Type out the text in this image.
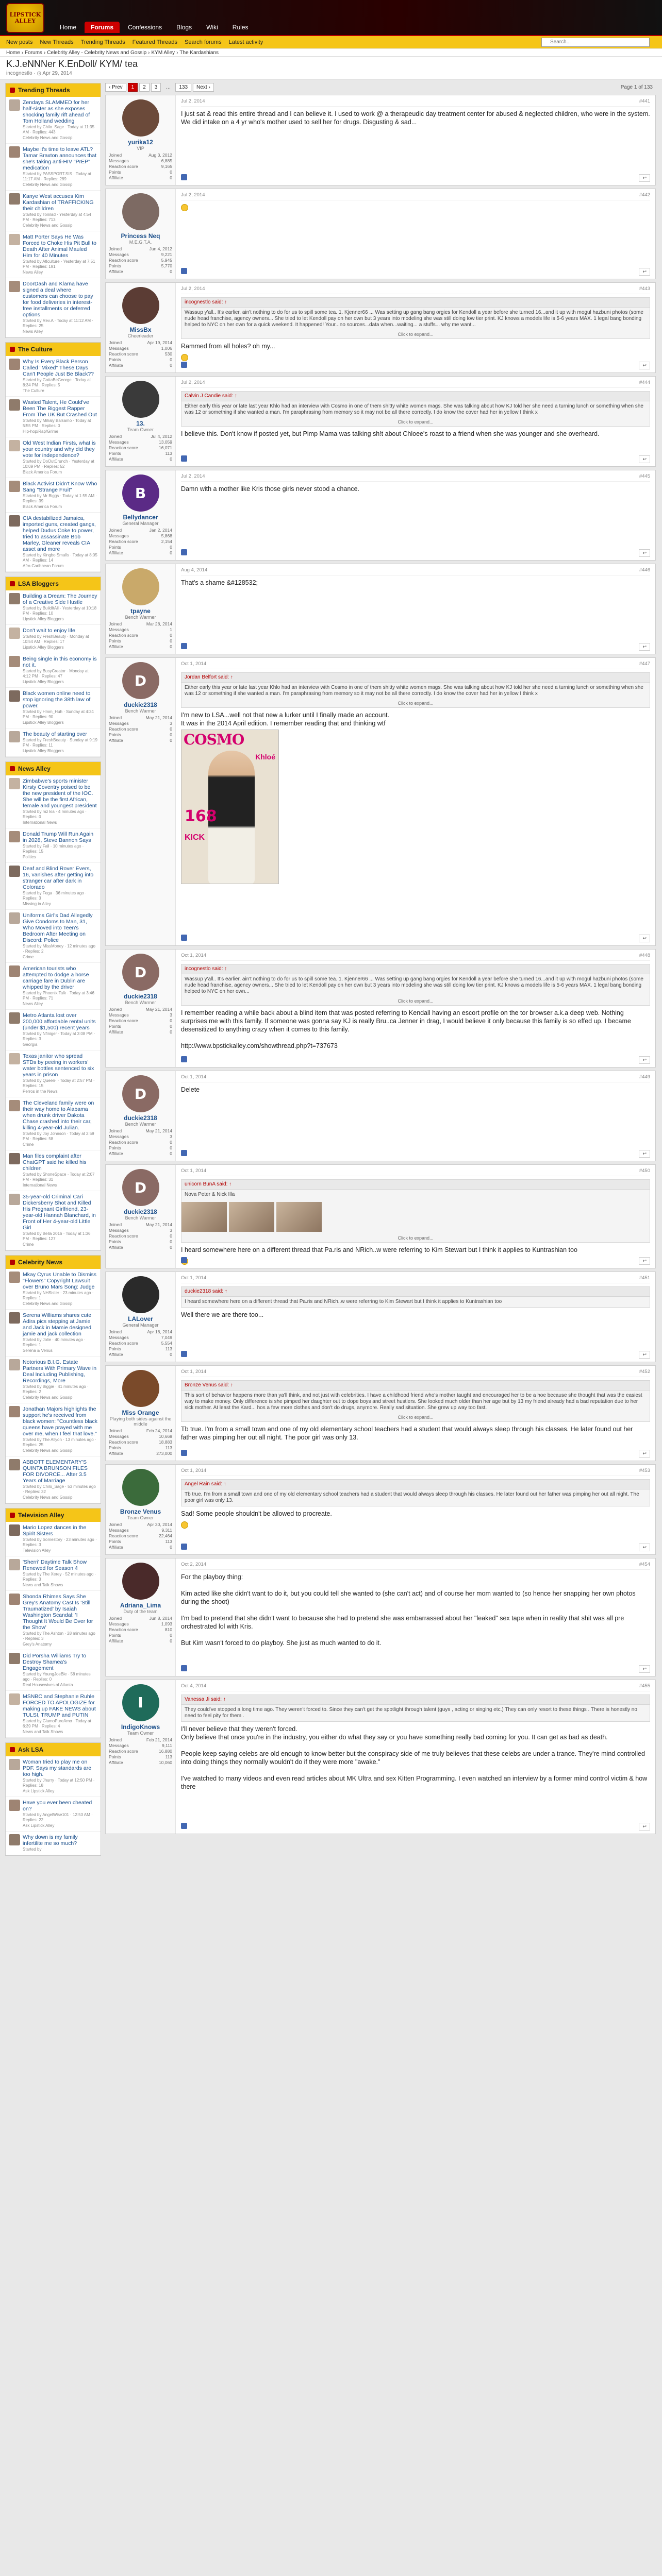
LIPSTICK ALLEY
Home	Forums	Confessions	Blogs	Wiki	Rules
New posts New Threads Trending Threads Featured Threads Search forums Latest activity
Search...
Home › Forums › Celebrity Alley - Celebrity News and Gossip › KYM Alley › The Kardashians
K.J.eNNNer K.EnDoll/ KYM/ tea
incognestlo · ◷ Apr 29, 2014
Trending Threads
Zendaya SLAMMED for her half-sister as she exposes shocking family rift ahead of Tom Holland wedding
Started by Chilo_Sage · Today at 11:35 AM · Replies: 443
Celebrity News and Gossip
Maybe it's time to leave ATL? Tamar Braxton announces that she's taking anti-HIV "PrEP" medication
Started by PASSPORT.SIS · Today at 11:17 AM · Replies: 289
Celebrity News and Gossip
Kanye West accuses Kim Kardashian of TRAFFICKING their children
Started by Tonilad · Yesterday at 4:54 PM · Replies: 713
Celebrity News and Gossip
Matt Porter Says He Was Forced to Choke His Pit Bull to Death After Animal Mauled Him for 40 Minutes
Started by Atlculture · Yesterday at 7:51 PM · Replies: 191
News Alley
DoorDash and Klarna have signed a deal where customers can choose to pay for food deliveries in interest-free installments or deferred options
Started by Rev.A · Today at 11:12 AM · Replies: 25
News Alley
The Culture
Why Is Every Black Person Called "Mixed" These Days Can't People Just Be Black??
Started by GottaBeGeorge · Today at 8:34 PM · Replies: 5
The Culture
Wasted Talent, He Could've Been The Biggest Rapper From The UK But Crashed Out
Started by Mihaly Balsamo · Today at 5:55 PM · Replies: 0
Hip-hop/Rap/Grime
Old West Indian Firsts, what is your country and why did they vote for independence?
Started by DoOutCrunch · Yesterday at 10:09 PM · Replies: 52
Black America Forum
Black Activist Didn't Know Who Sang "Strange Fruit"
Started by Mr Biggs · Today at 1:55 AM · Replies: 39
Black America Forum
CIA destabilized Jamaica, imported guns, created gangs, helped Dudus Coke to power, tried to assassinate Bob Marley, Gleaner reveals CIA asset and more
Started by Kingbo Smalls · Today at 8:05 AM · Replies: 14
Afro-Caribbean Forum
LSA Bloggers
Building a Dream: The Journey of a Creative Side Hustle
Started by BuildItAll · Yesterday at 10:18 PM · Replies: 10
Lipstick Alley Bloggers
Don't wait to enjoy life
Started by FreshBeauty · Monday at 10:54 AM · Replies: 17
Lipstick Alley Bloggers
Being single in this economy is not it.
Started by BusyCreator · Monday at 4:12 PM · Replies: 47
Lipstick Alley Bloggers
Black women online need to stop ignoring the 38th law of power.
Started by Hmm_Huh · Sunday at 4:24 PM · Replies: 90
Lipstick Alley Bloggers
The beauty of starting over
Started by FreshBeauty · Sunday at 9:19 PM · Replies: 11
Lipstick Alley Bloggers
News Alley
Zimbabwe's sports minister Kirsty Coventry poised to be the new president of the IOC. She will be the first African, female and youngest president
Started by mz kia · 4 minutes ago · Replies: 0
International News
Donald Trump Will Run Again in 2028, Steve Bannon Says
Started by Fall · 10 minutes ago · Replies: 15
Politics
Deaf and Blind Rover Evers, 16, vanishes after getting into stranger car after dark in Colorado
Started by Fega · 36 minutes ago · Replies: 3
Missing in Alley
Uniforms Girl's Dad Allegedly Give Condoms to Man, 31, Who Moved into Teen's Bedroom After Meeting on Discord: Police
Started by MissMoney · 12 minutes ago · Replies: 2
Crime
American tourists who attempted to dodge a horse carriage fare in Dublin are whipped by the driver
Started by Phoenix Talk · Today at 3:46 PM · Replies: 71
News Alley
Metro Atlanta lost over 200,000 affordable rental units (under $1,500) recent years
Started by Nfiniger · Today at 3:08 PM · Replies: 3
Georgia
Texas janitor who spread STDs by peeing in workers' water bottles sentenced to six years in prison
Started by Queen· · Today at 2:57 PM · Replies: 15
Perros in the News
The Cleveland family were on their way home to Alabama when drunk driver Dakota Chase crashed into their car, killing 4-year-old Julian.
Started by Joy Johnson · Today at 2:59 PM · Replies: 58
Crime
Man files complaint after ChatGPT said he killed his children
Started by ShoneSpace · Today at 2:07 PM · Replies: 31
International News
35-year-old Criminal Cari Dickersberry Shot and Killed His Pregnant Girlfriend, 23-year-old Hannah Blanchard, in Front of Her 4-year-old Little Girl
Started by Bella 2016 · Today at 1:36 PM · Replies: 127
Crime
Celebrity News
Mkay Cyrus Unable to Dismiss "Flowers" Copyright Lawsuit over Bruno Mars Song: Judge
Started by NHSister · 23 minutes ago · Replies: 1
Celebrity News and Gossip
Serena Williams shares cute Adira pics stepping at Jamie and Jack in Mamie designed jamie and jack collection
Started by Jolie · 40 minutes ago · Replies: 1
Serena & Venus
Notorious B.I.G. Estate Partners With Primary Wave in Deal Including Publishing, Recordings, More
Started by Biggie · 41 minutes ago · Replies: 2
Celebrity News and Gossip
Jonathan Majors highlights the support he's received from black women: "Countless black queens have prayed with me over me, when I feel that love."
Started by The Allyon · 13 minutes ago · Replies: 25
Celebrity News and Gossip
ABBOTT ELEMENTARY'S QUINTA BRUNSON FILES FOR DIVORCE... After 3.5 Years of Marriage
Started by Chilo_Sage · 53 minutes ago · Replies: 32
Celebrity News and Gossip
Television Alley
Mario Lopez dances in the Spirit Sisters
Started by Somestory · 23 minutes ago · Replies: 3
Television Alley
'Sherri' Daytime Talk Show Renewed for Season 4
Started by The Xerey · 52 minutes ago · Replies: 3
News and Talk Shows
Shonda Rhimes Says She Grey's Anatomy Cast Is 'Still Traumatized' by Isaiah Washington Scandal: 'I Thought It Would Be Over for the Show'
Started by The Ashton · 28 minutes ago · Replies: 3
Grey's Anatomy
Did Porsha Williams Try to Destroy Shamea's Engagement
Started by YoungJoeBle · 58 minutes ago · Replies: 0
Real Housewives of Atlanta
MSNBC and Stephanie Ruhle FORCED TO APOLOGIZE for making up FAKE NEWS about TULSI, TRUMP and PUTIN
Started by GlamoPureAmo · Today at 6:39 PM · Replies: 4
News and Talk Shows
Ask LSA
Woman tried to play me on PDF. Says my standards are too high.
Started by Jhurry · Today at 12:50 PM · Replies: 18
Ask Lipstick Alley
Have you ever been cheated on?
Started by AngelWise101 · 12:53 AM · Replies: 22
Ask Lipstick Alley
Why down is my family infertilite me so much?
Started by
‹ Prev	1	2	3	…	133	Next ›	Page 1 of 133
yurika12
VIP
Joined	Aug 3, 2012
Messages	6,885
Reaction score	9,165
Points	0
Affiliate	0
Jul 2, 2014	#441
I just sat & read this entire thread and I can believe it. I used to work @ a therapeudic day treatment center for abused & neglected children, who were in the system. We did intake on a 4 yr who's mother used to sell her for drugs. Disgusting & sad...
↩
Princess Neq
M.E.G.T.A.
Joined	Jun 4, 2012
Messages	9,221
Reaction score	5,945
Points	5,770
Affiliate	0
Jul 2, 2014	#442
↩
MissBx
Cheerleader
Joined	Apr 19, 2014
Messages	1,006
Reaction score	530
Points	0
Affiliate	0
Jul 2, 2014	#443
incognestlo said: ↑
Wassup y'all.. It's earlier, ain't nothing to do for us to spill some tea. 1. Kjenner66 ... Was setting up gang bang orgies for Kendoll a year before she turned 16...and it up with mogul hazbuni photos (some nude head franchise, agency owners... She tried to let Kendoll pay on her own but 3 years into modeling she was still doing low tier print. KJ knows a models life is 5-6 years MAX. 1 legal bang bonding helped to NYC on her own for a quick weekend. It happened! Your...no sources...data when...waiting... a stuffs... why me want...
Click to expand...
Rammed from all holes? oh my...
↩
13.
Team Owner
Joined	Jul 4, 2012
Messages	13,059
Reaction score	16,071
Points	113
Affiliate	0
Jul 2, 2014	#444
Calvin J Candie said: ↑
Either early this year or late last year Khlo had an interview with Cosmo in one of them shitty white women mags. She was talking about how KJ told her she need a turning lunch or something when she was 12 or something if she wanted a man. I'm paraphrasing from memory so it may not be all there correctly. I do know the cover had her in yellow I think x
Click to expand...
I believe this. Don't know if posted yet, but Pimp Mama was talking sh!t about Chloee's roast to a friend when she was younger and she overheard.
↩
B
Bellydancer
General Manager
Joined	Jan 2, 2014
Messages	5,868
Reaction score	2,154
Points	0
Affiliate	0
Jul 2, 2014	#445
Damn with a mother like Kris those girls never stood a chance.
↩
tpayne
Bench Warmer
Joined	Mar 28, 2014
Messages	1
Reaction score	0
Points	0
Affiliate	0
Aug 4, 2014	#446
That's a shame &#128532;
↩
D
duckie2318
Bench Warmer
Joined	May 21, 2014
Messages	3
Reaction score	0
Points	0
Affiliate	0
Oct 1, 2014	#447
Jordan Belfort said: ↑
Either early this year or late last year Khlo had an interview with Cosmo in one of them shitty white women mags. She was talking about how KJ told her she need a turning lunch or something when she was 12 or something if she wanted a man. I'm paraphrasing from memory so it may not be all there correctly. I do know the cover had her in yellow I think x
Click to expand...
I'm new to LSA...well not that new a lurker until I finally made an account.
It was in the 2014 April edition. I remember reading that and thinking wtf
COSMO
168
KICK
Khloé
↩
D
duckie2318
Bench Warmer
Joined	May 21, 2014
Messages	3
Reaction score	0
Points	0
Affiliate	0
Oct 1, 2014	#448
incognestlo said: ↑
Wassup y'all.. It's earlier, ain't nothing to do for us to spill some tea. 1. Kjenner66 ... Was setting up gang bang orgies for Kendoll a year before she turned 16...and it up with mogul hazbuni photos (some nude head franchise, agency owners... She tried to let Kendoll pay on her own but 3 years into modeling she was still doing low tier print. KJ knows a models life is 5-6 years MAX. 1 legal bang bonding helped to NYC on her own...
Click to expand...
I remember reading a while back about a blind item that was posted referring to Kendall having an escort profile on the tor browser a.k.a deep web. Nothing surprises me with this family. If someone was gonna say KJ is really Bru..ca Jenner in drag, I would believe it only because this family is so effed up. I became desensitized to anything crazy when it comes to this family.

http://www.bpstickalley.com/showthread.php?t=737673
↩
D
duckie2318
Bench Warmer
Joined	May 21, 2014
Messages	3
Reaction score	0
Points	0
Affiliate	0
Oct 1, 2014	#449
Delete
↩
D
duckie2318
Bench Warmer
Joined	May 21, 2014
Messages	3
Reaction score	0
Points	0
Affiliate	0
Oct 1, 2014	#450
unicorn BunA said: ↑
Nova Peter & Nick Illa
Click to expand...
I heard somewhere here on a different thread that Pa.ris and NRich..w were referring to Kim Stewart but I think it applies to Kuntrashian too
↩
LALover
General Manager
Joined	Apr 18, 2014
Messages	7,049
Reaction score	5,554
Points	113
Affiliate	0
Oct 1, 2014	#451
duckie2318 said: ↑
I heard somewhere here on a different thread that Pa.ris and NRich..w were referring to Kim Stewart but I think it applies to Kuntrashian too
Well there we are there too...
↩
Miss Orange
Playing both sides against the middle
Joined	Feb 24, 2014
Messages	10,669
Reaction score	18,883
Points	113
Affiliate	273,000
Oct 1, 2014	#452
Bronze Venus said: ↑
This sort of behavior happens more than ya'll think, and not just with celebrities. I have a childhood friend who's mother taught and encouraged her to be a hoe because she thought that was the easiest way to make money. Only difference is she pimped her daughter out to dope boys and street hustlers. She looked much older than her age but by 13 my friend already had a bad reputation due to her sick mother. At least the Kard... hos a few more clothes and don't do drugs, anymore. Really sad situation. She grew up way too fast.
Click to expand...
Tb true. I'm from a small town and one of my old elementary school teachers had a student that would always sleep through his classes. He later found out her father was pimping her out all night. The poor girl was only 13.
↩
Bronze Venus
Team Owner
Joined	Apr 30, 2014
Messages	9,311
Reaction score	22,464
Points	113
Affiliate	0
Oct 1, 2014	#453
Angel Rain said: ↑
Tb true. I'm from a small town and one of my old elementary school teachers had a student that would always sleep through his classes. He later found out her father was pimping her out all night. The poor girl was only 13.
Sad! Some people shouldn't be allowed to procreate.
↩
Adriana_Lima
Duty of the team
Joined	Jun 8, 2014
Messages	1,093
Reaction score	810
Points	0
Affiliate	0
Oct 2, 2014	#454
For the playboy thing:

Kim acted like she didn't want to do it, but you could tell she wanted to (she can't act) and of course her mom wanted to (so hence her snapping her own photos during the shoot)

I'm bad to pretend that she didn't want to because she had to pretend she was embarrassed about her "leaked" sex tape when in reality that shit was all pre orchestrated lol with Kris.

But Kim wasn't forced to do playboy. She just as much wanted to do it.
↩
I
IndigoKnows
Team Owner
Joined	Feb 21, 2014
Messages	9,111
Reaction score	16,880
Points	113
Affiliate	10,060
Oct 4, 2014	#455
Vanessa Ji said: ↑
They could've stopped a long time ago. They weren't forced to. Since they can't get the spotlight through talent (guys , acting or singing etc.) They can only resort to these things . There is honestly no need to feel pity for them .
I'll never believe that they weren't forced.
Only believe that once you're in the industry, you either do what they say or you have something really bad coming for you. It can get as bad as death.

People keep saying celebs are old enough to know better but the conspiracy side of me truly believes that these celebs are under a trance. They're mind controlled into doing things they normally wouldn't do if they were more "awake."

I've watched to many videos and even read articles about MK Ultra and sex Kitten Programming. I even watched an interview by a former mind control victim & how there
↩
